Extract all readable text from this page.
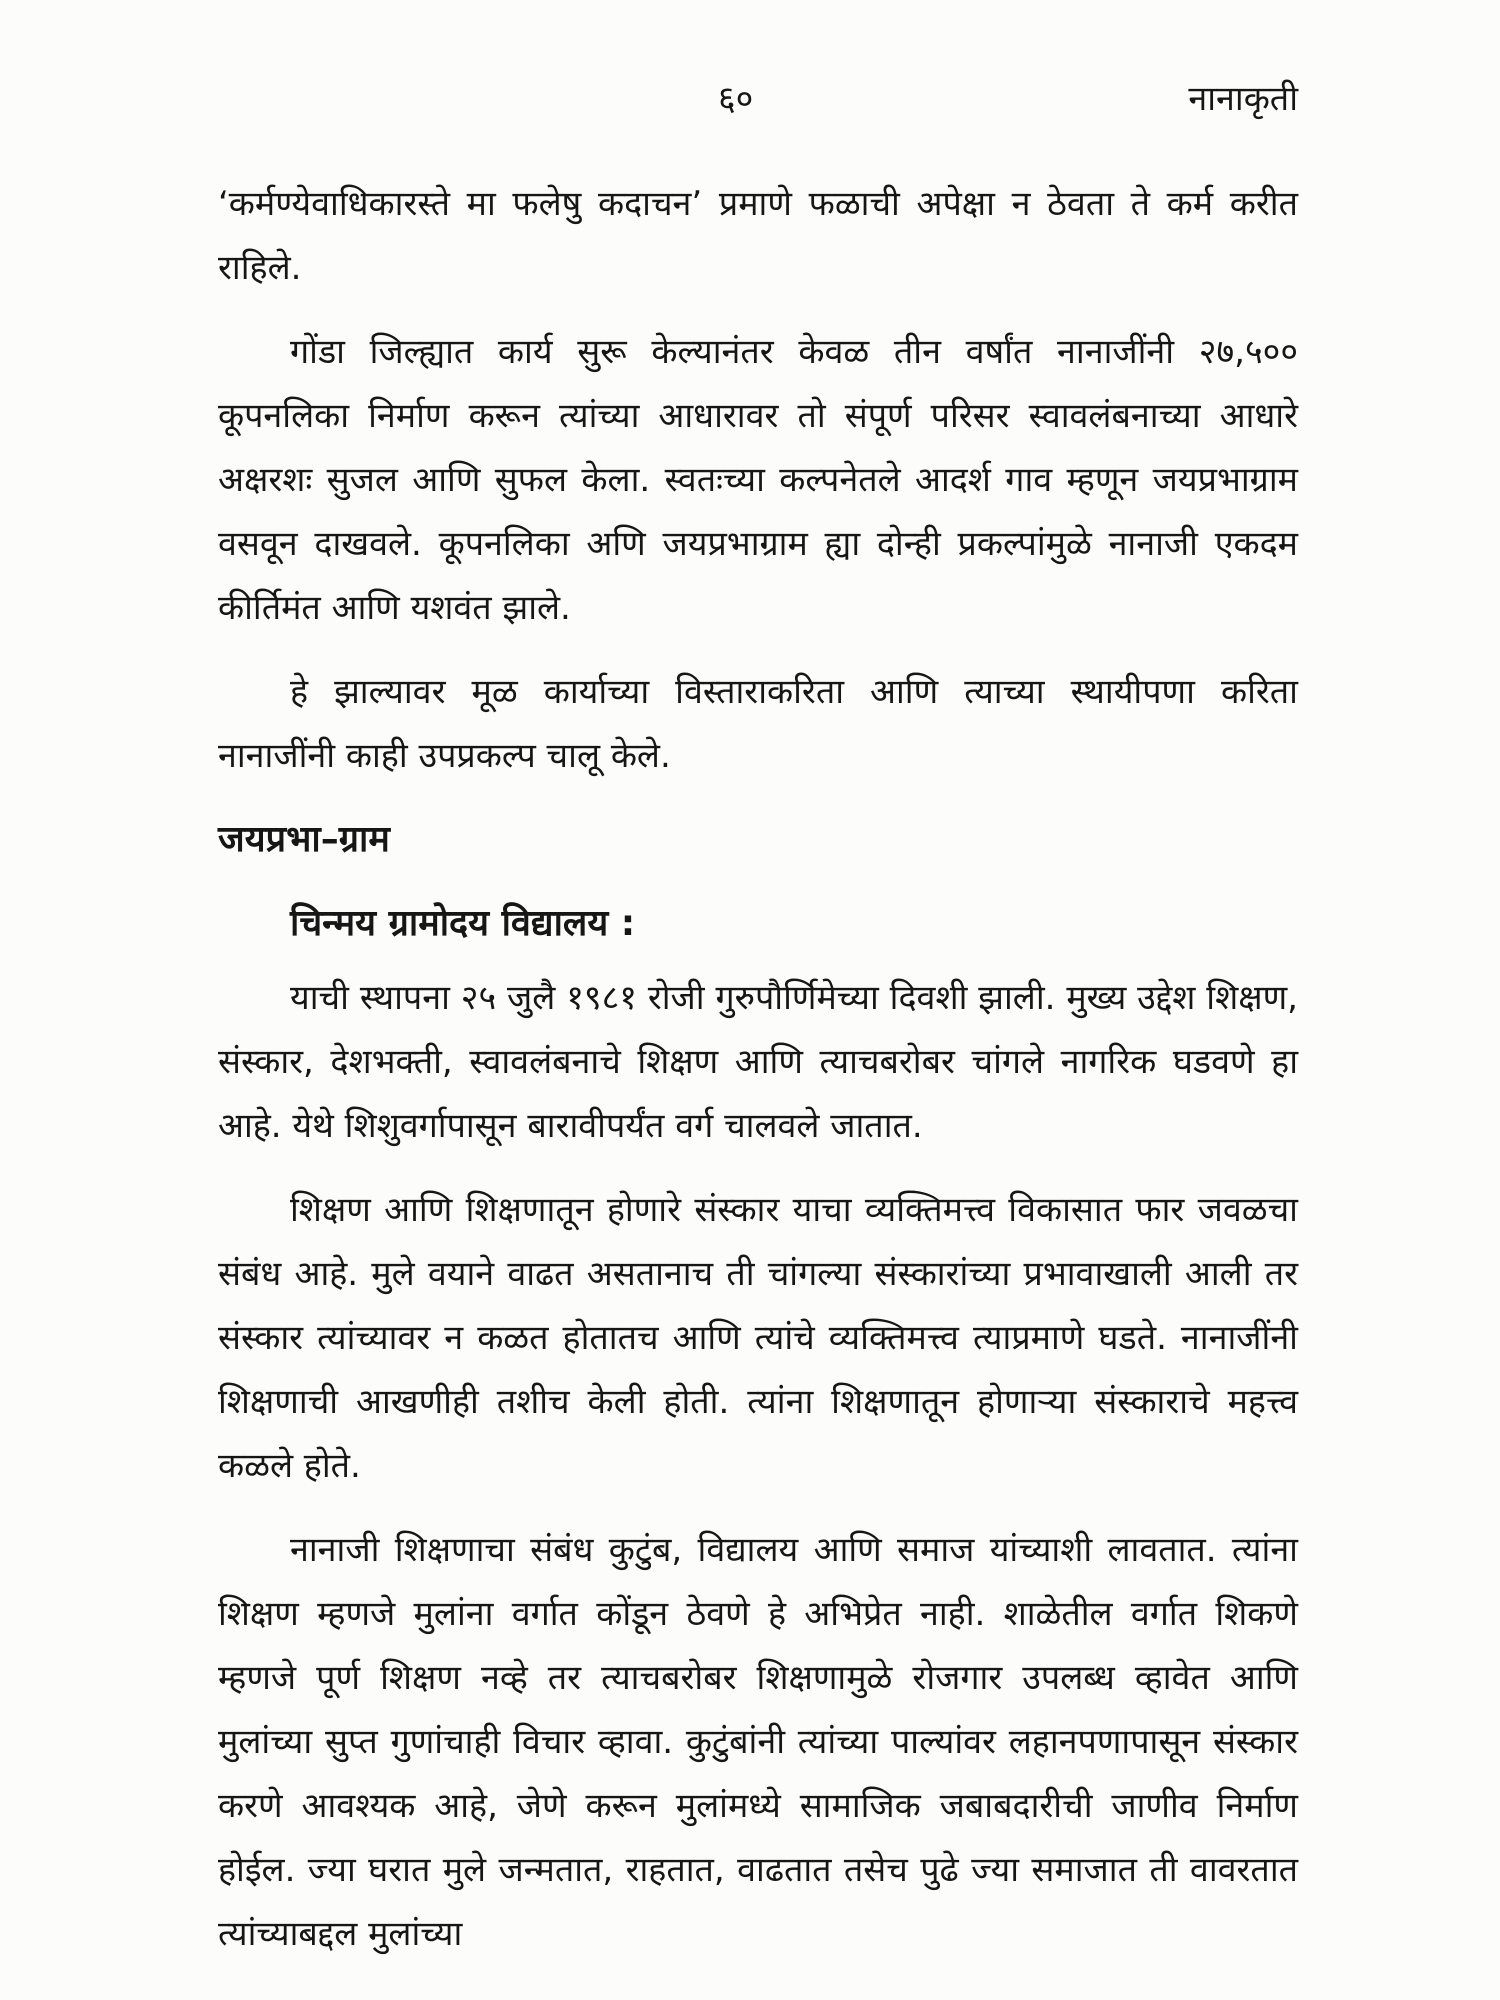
६०	नानाकृती

‘कर्मण्येवाधिकारस्ते मा फलेषु कदाचन’ प्रमाणे फळाची अपेक्षा न ठेवता ते कर्म करीत राहिले.

गोंडा जिल्ह्यात कार्य सुरू केल्यानंतर केवळ तीन वर्षांत नानाजींनी २७,५०० कूपनलिका निर्माण करून त्यांच्या आधारावर तो संपूर्ण परिसर स्वावलंबनाच्या आधारे अक्षरशः सुजल आणि सुफल केला. स्वतःच्या कल्पनेतले आदर्श गाव म्हणून जयप्रभाग्राम वसवून दाखवले. कूपनलिका अणि जयप्रभाग्राम ह्या दोन्ही प्रकल्पांमुळे नानाजी एकदम कीर्तिमंत आणि यशवंत झाले.

हे झाल्यावर मूळ कार्याच्या विस्ताराकरिता आणि त्याच्या स्थायीपणा करिता नानाजींनी काही उपप्रकल्प चालू केले.

जयप्रभा–ग्राम
चिन्मय ग्रामोदय विद्यालय :

याची स्थापना २५ जुलै १९८१ रोजी गुरुपौर्णिमेच्या दिवशी झाली. मुख्य उद्देश शिक्षण, संस्कार, देशभक्ती, स्वावलंबनाचे शिक्षण आणि त्याचबरोबर चांगले नागरिक घडवणे हा आहे. येथे शिशुवर्गापासून बारावीपर्यंत वर्ग चालवले जातात.

शिक्षण आणि शिक्षणातून होणारे संस्कार याचा व्यक्तिमत्त्व विकासात फार जवळचा संबंध आहे. मुले वयाने वाढत असतानाच ती चांगल्या संस्कारांच्या प्रभावाखाली आली तर संस्कार त्यांच्यावर न कळत होतातच आणि त्यांचे व्यक्तिमत्त्व त्याप्रमाणे घडते. नानाजींनी शिक्षणाची आखणीही तशीच केली होती. त्यांना शिक्षणातून होणाऱ्या संस्काराचे महत्त्व कळले होते.

नानाजी शिक्षणाचा संबंध कुटुंब, विद्यालय आणि समाज यांच्याशी लावतात. त्यांना शिक्षण म्हणजे मुलांना वर्गात कोंडून ठेवणे हे अभिप्रेत नाही. शाळेतील वर्गात शिकणे म्हणजे पूर्ण शिक्षण नव्हे तर त्याचबरोबर शिक्षणामुळे रोजगार उपलब्ध व्हावेत आणि मुलांच्या सुप्त गुणांचाही विचार व्हावा. कुटुंबांनी त्यांच्या पाल्यांवर लहानपणापासून संस्कार करणे आवश्यक आहे, जेणे करून मुलांमध्ये सामाजिक जबाबदारीची जाणीव निर्माण होईल. ज्या घरात मुले जन्मतात, राहतात, वाढतात तसेच पुढे ज्या समाजात ती वावरतात त्यांच्याबद्दल मुलांच्या
